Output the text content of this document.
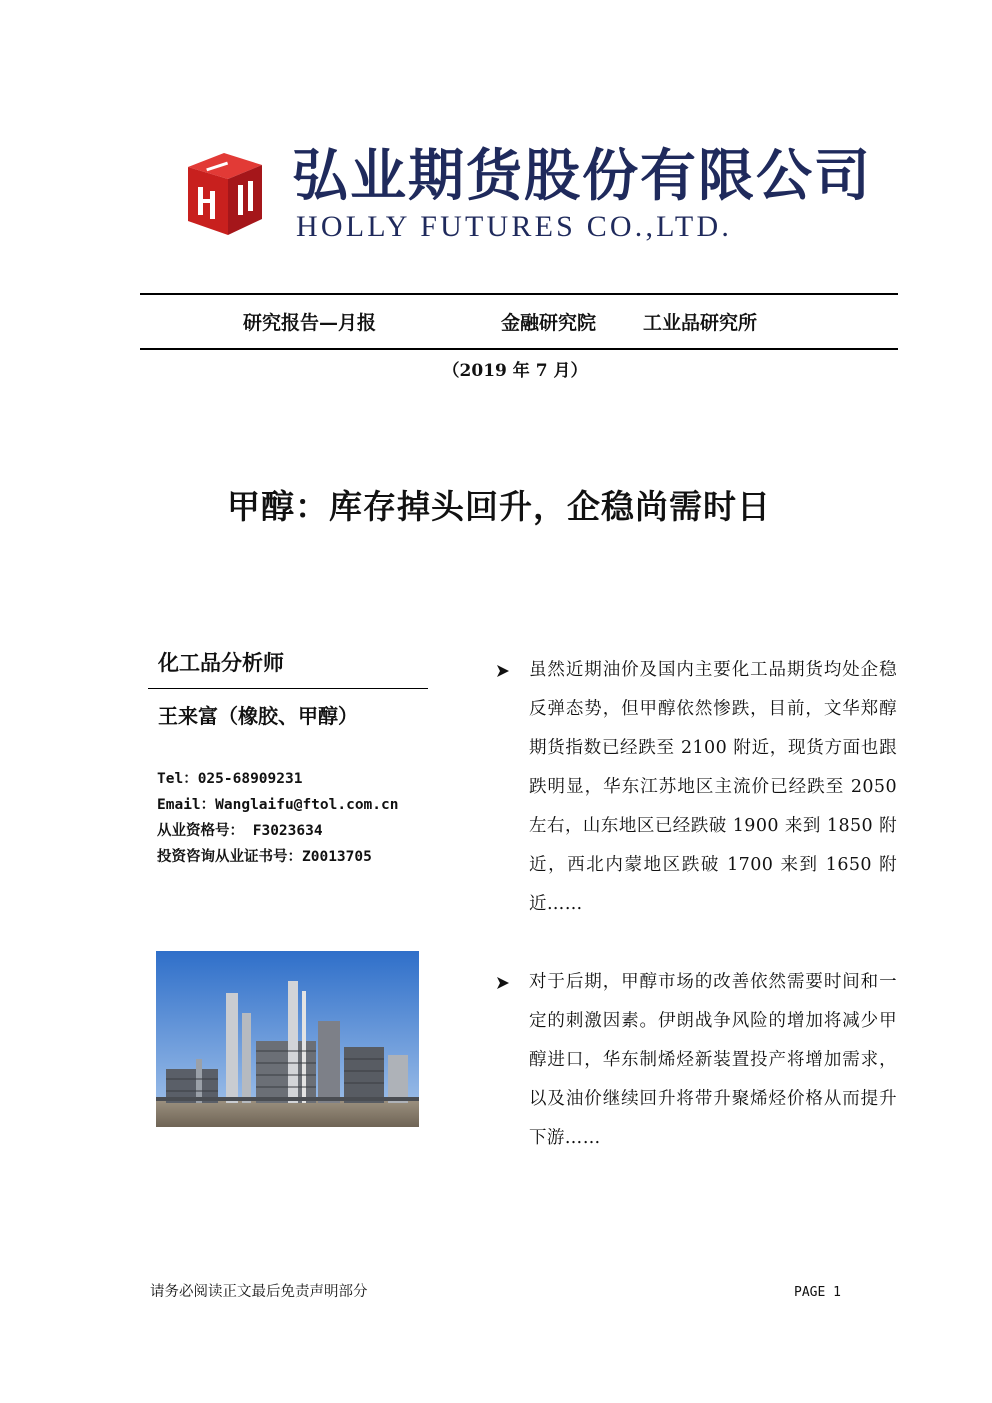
弘业期货股份有限公司
HOLLY FUTURES CO.,LTD.
研究报告—月报	金融研究院 工业品研究所
（2019 年 7 月）
甲醇：库存掉头回升，企稳尚需时日
化工品分析师
王来富（橡胶、甲醇）
Tel：025-68909231
Email：Wanglaifu@ftol.com.cn
从业资格号： F3023634
投资咨询从业证书号：Z0013705
虽然近期油价及国内主要化工品期货均处企稳反弹态势，但甲醇依然惨跌，目前，文华郑醇期货指数已经跌至 2100 附近，现货方面也跟跌明显，华东江苏地区主流价已经跌至 2050 左右，山东地区已经跌破 1900 来到 1850 附近，西北内蒙地区跌破 1700 来到 1650 附近……
对于后期，甲醇市场的改善依然需要时间和一定的刺激因素。伊朗战争风险的增加将减少甲醇进口，华东制烯烃新装置投产将增加需求，以及油价继续回升将带升聚烯烃价格从而提升下游……
请务必阅读正文最后免责声明部分	PAGE 1
